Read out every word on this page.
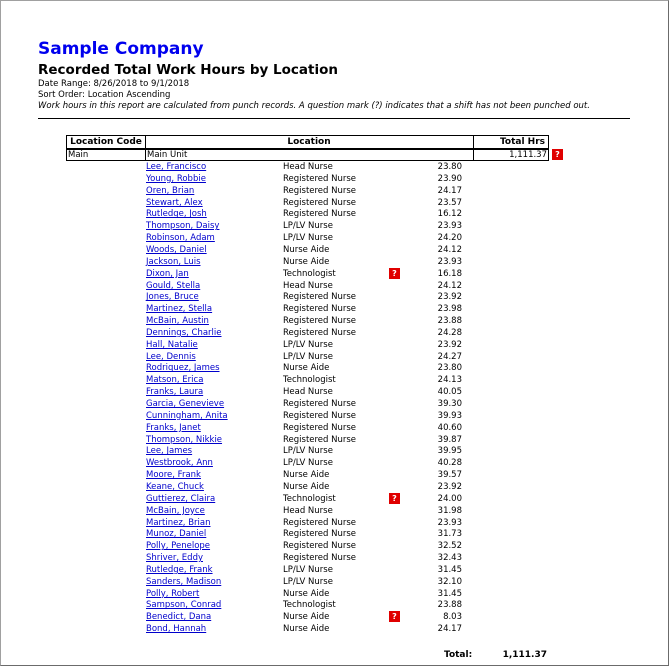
Sample Company
Recorded Total Work Hours by Location
Date Range: 8/26/2018 to 9/1/2018
Sort Order: Location Ascending
Work hours in this report are calculated from punch records. A question mark (?) indicates that a shift has not been punched out.
Location Code	Location	Total Hrs
Main	Main Unit	1,111.37	?
Lee, Francisco	Head Nurse	23.80
Young, Robbie	Registered Nurse	23.90
Oren, Brian	Registered Nurse	24.17
Stewart, Alex	Registered Nurse	23.57
Rutledge, Josh	Registered Nurse	16.12
Thompson, Daisy	LP/LV Nurse	23.93
Robinson, Adam	LP/LV Nurse	24.20
Woods, Daniel	Nurse Aide	24.12
Jackson, Luis	Nurse Aide	23.93
Dixon, Jan	Technologist	?	16.18
Gould, Stella	Head Nurse	24.12
Jones, Bruce	Registered Nurse	23.92
Martinez, Stella	Registered Nurse	23.98
McBain, Austin	Registered Nurse	23.88
Dennings, Charlie	Registered Nurse	24.28
Hall, Natalie	LP/LV Nurse	23.92
Lee, Dennis	LP/LV Nurse	24.27
Rodriquez, James	Nurse Aide	23.80
Matson, Erica	Technologist	24.13
Franks, Laura	Head Nurse	40.05
Garcia, Genevieve	Registered Nurse	39.30
Cunningham, Anita	Registered Nurse	39.93
Franks, Janet	Registered Nurse	40.60
Thompson, Nikkie	Registered Nurse	39.87
Lee, James	LP/LV Nurse	39.95
Westbrook, Ann	LP/LV Nurse	40.28
Moore, Frank	Nurse Aide	39.57
Keane, Chuck	Nurse Aide	23.92
Guttierez, Claira	Technologist	?	24.00
McBain, Joyce	Head Nurse	31.98
Martinez, Brian	Registered Nurse	23.93
Munoz, Daniel	Registered Nurse	31.73
Polly, Penelope	Registered Nurse	32.52
Shriver, Eddy	Registered Nurse	32.43
Rutledge, Frank	LP/LV Nurse	31.45
Sanders, Madison	LP/LV Nurse	32.10
Polly, Robert	Nurse Aide	31.45
Sampson, Conrad	Technologist	23.88
Benedict, Dana	Nurse Aide	?	8.03
Bond, Hannah	Nurse Aide	24.17
Total:	1,111.37
